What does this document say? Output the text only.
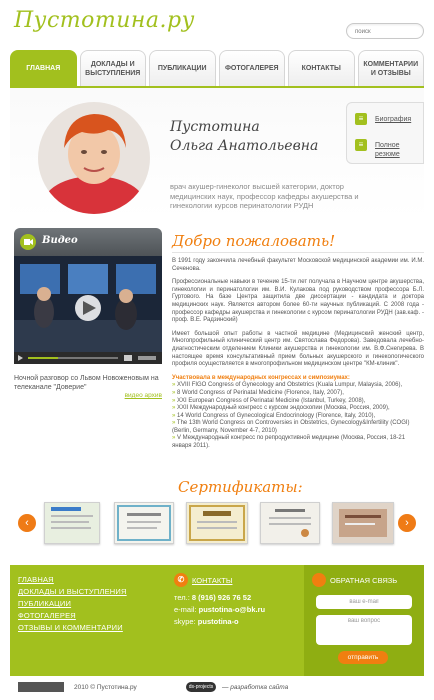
Пустотина.ру
поиск
ГЛАВНАЯ
ДОКЛАДЫ И ВЫСТУПЛЕНИЯ
ПУБЛИКАЦИИ	ФОТОГАЛЕРЕЯ	КОНТАКТЫ
КОММЕНТАРИИ И ОТЗЫВЫ
Пустотина
Ольга Анатольевна
врач акушер-гинеколог высшей категории, доктор медицинских наук, профессор кафедры акушерства и гинекологии курсов перинатологии РУДН
≡	Биография
≡	Полное резюме
Видео
Ночной разговор со Львом Новоженовым на телеканале "Доверие"
видео архив
Добро пожаловать!

В 1991 году закончила лечебный факультет Московской медицинской академии им. И.М. Сеченова.

Профессиональные навыки в течение 15-ти лет получала в Научном центре акушерства, гинекологии и перинатологии им. В.И. Кулакова под руководством профессора Б.Л. Гуртового. На базе Центра защитила две диссертации - кандидата и доктора медицинских наук. Является автором более 60-ти научных публикаций. С 2008 года - профессор кафедры акушерства и гинекологии с курсом перинатологии РУДН (зав.каф. - проф. В.Е. Радзинский)

Имеет большой опыт работы в частной медицине (Медицинский женский центр, Многопрофильный клинический центр им. Святослава Федорова). Заведовала лечебно-диагностическим отделением Клиники акушерства и гинекологии им. В.Ф.Снегирева. В настоящее время консультативный прием больных акушерского и гинекологического профиля осуществляется в многопрофильном медицинском центре "КМ-клиник".

Участвовала в международных конгрессах и симпозиумах:
» XVIII FIGO Congress of Gynecology and Obstetrics (Kuala Lumpur, Malaysia, 2006),
» 8 World Congress of Perinatal Medicine (Florence, Italy, 2007),
» XXI European Congress of Perinatal Medicine (Istanbul, Turkey, 2008),
» XXII Международный конгресс с курсом эндоскопии (Москва, Россия, 2009),
» 14 World Congress of Gynecological Endocrinology (Florence, Italy, 2010),
» The 13th World Congress on Controversies in Obstetrics, Gynecology&Infertility (COGI) (Berlin, Germany, November 4-7, 2010)
» V Международный конгресс по репродуктивной медицине (Москва, Россия, 18-21 января 2011).
Сертификаты:
‹	›
ГЛАВНАЯ
ДОКЛАДЫ И ВЫСТУПЛЕНИЯ
ПУБЛИКАЦИИ
ФОТОГАЛЕРЕЯ
ОТЗЫВЫ И КОММЕНТАРИИ
✆	КОНТАКТЫ
тел.: 8 (916) 926 76 52
e-mail: pustotina-o@bk.ru
skype: pustotina-o
ОБРАТНАЯ СВЯЗЬ
ваш e-mail
ваш вопрос
отправить
2010 © Пустотина.ру	ds-projects	— разработка сайта
